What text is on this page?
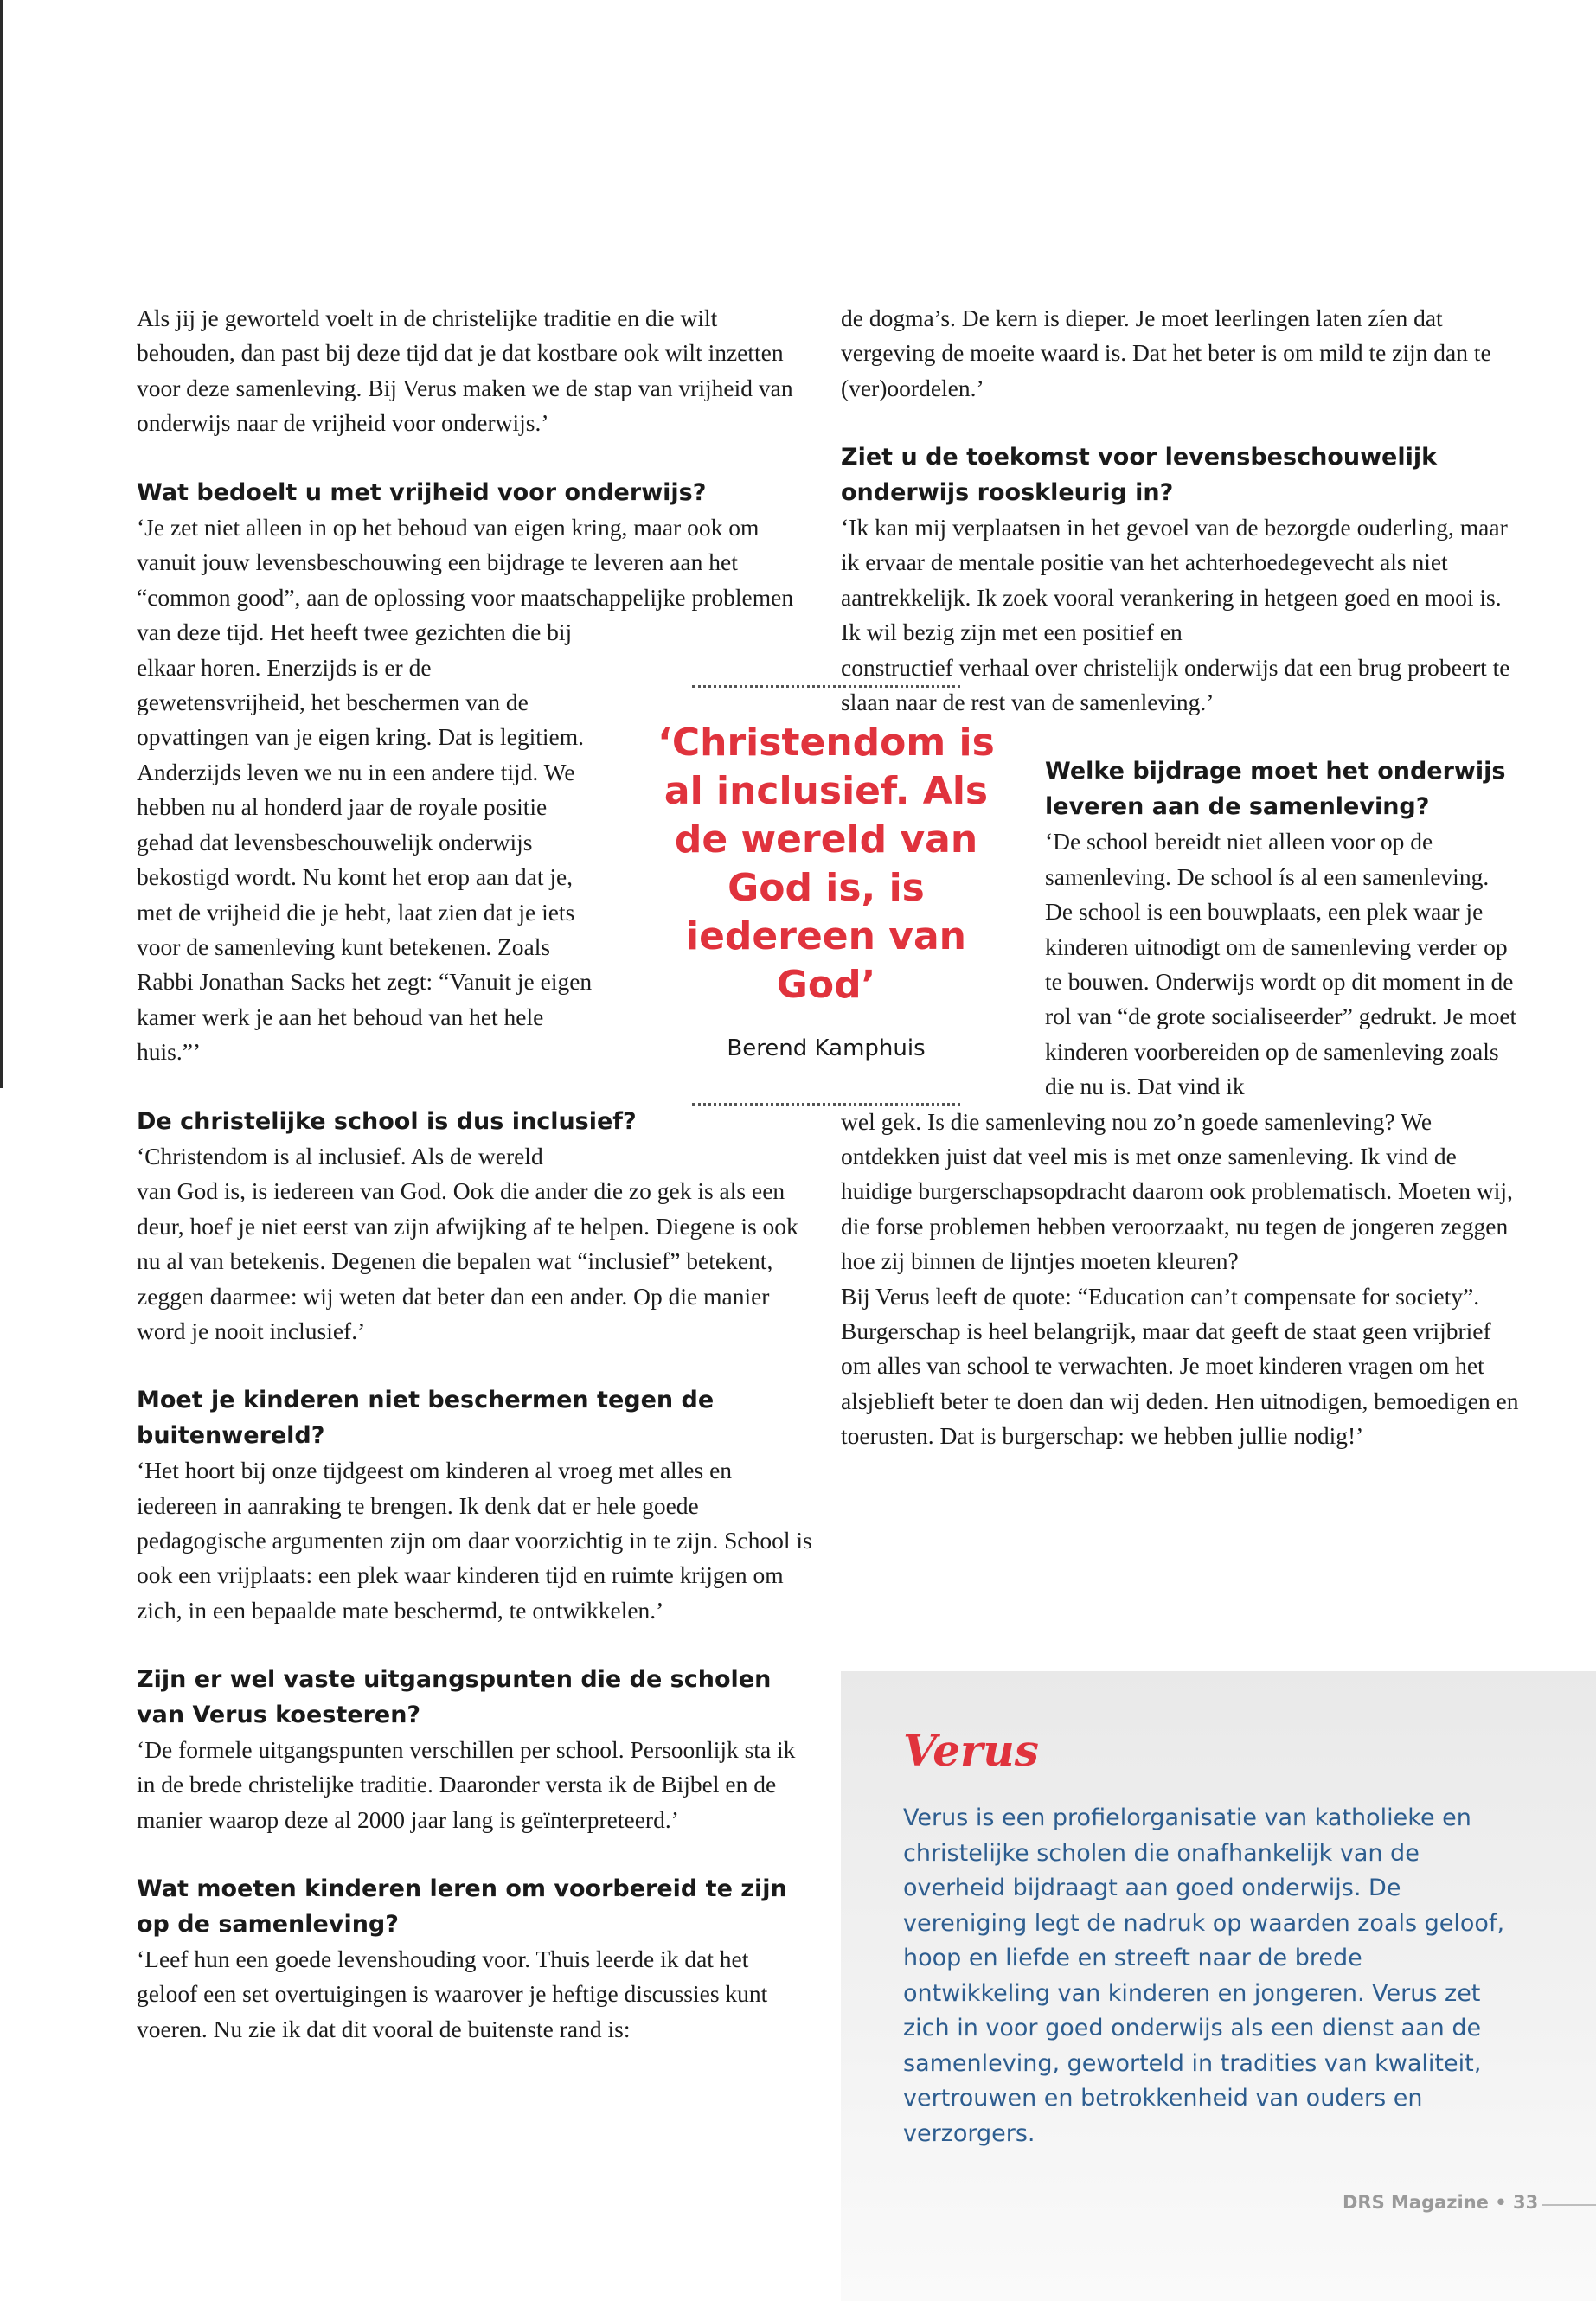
Als jij je geworteld voelt in de christelijke traditie en die wilt behouden, dan past bij deze tijd dat je dat kostbare ook wilt inzetten voor deze samenleving. Bij Verus maken we de stap van vrijheid van onderwijs naar de vrijheid voor onderwijs.’

Wat bedoelt u met vrijheid voor onderwijs?

‘Je zet niet alleen in op het behoud van eigen kring, maar ook om vanuit jouw levensbeschouwing een bijdrage te leveren aan het “common good”, aan de oplossing voor maatschappelijke problemen van deze tijd. Het heeft twee gezichten die bij

elkaar horen. Enerzijds is er de gewetensvrijheid, het beschermen van de opvattingen van je eigen kring. Dat is legitiem. Anderzijds leven we nu in een andere tijd. We hebben nu al honderd jaar de royale positie gehad dat levensbeschouwelijk onderwijs bekostigd wordt. Nu komt het erop aan dat je, met de vrijheid die je hebt, laat zien dat je iets voor de samenleving kunt betekenen. Zoals Rabbi Jonathan Sacks het zegt: “Vanuit je eigen kamer werk je aan het behoud van het hele huis.”’

De christelijke school is dus inclusief?

‘Christendom is al inclusief. Als de wereld

van God is, is iedereen van God. Ook die ander die zo gek is als een deur, hoef je niet eerst van zijn afwijking af te helpen. Diegene is ook nu al van betekenis. Degenen die bepalen wat “inclusief” betekent, zeggen daarmee: wij weten dat beter dan een ander. Op die manier word je nooit inclusief.’

Moet je kinderen niet beschermen tegen de buitenwereld?

‘Het hoort bij onze tijdgeest om kinderen al vroeg met alles en iedereen in aanraking te brengen. Ik denk dat er hele goede pedagogische argumenten zijn om daar voorzichtig in te zijn. School is ook een vrijplaats: een plek waar kinderen tijd en ruimte krijgen om zich, in een bepaalde mate beschermd, te ontwikkelen.’

Zijn er wel vaste uitgangspunten die de scholen van Verus koesteren?

‘De formele uitgangspunten verschillen per school. Persoonlijk sta ik in de brede christelijke traditie. Daaronder versta ik de Bijbel en de manier waarop deze al 2000 jaar lang is geïnterpreteerd.’

Wat moeten kinderen leren om voorbereid te zijn op de samenleving?

‘Leef hun een goede levenshouding voor. Thuis leerde ik dat het geloof een set overtuigingen is waarover je heftige discussies kunt voeren. Nu zie ik dat dit vooral de buitenste rand is:

de dogma’s. De kern is dieper. Je moet leerlingen laten zíen dat vergeving de moeite waard is. Dat het beter is om mild te zijn dan te (ver)oordelen.’

Ziet u de toekomst voor levensbeschouwelijk onderwijs rooskleurig in?

‘Ik kan mij verplaatsen in het gevoel van de bezorgde ouderling, maar ik ervaar de mentale positie van het achterhoedegevecht als niet aantrekkelijk. Ik zoek vooral verankering in hetgeen goed en mooi is. Ik wil bezig zijn met een positief en

constructief verhaal over christelijk onderwijs dat een brug probeert te slaan naar de rest van de samenleving.’

Welke bijdrage moet het onderwijs leveren aan de samenleving?

‘De school bereidt niet alleen voor op de samenleving. De school ís al een samenleving. De school is een bouwplaats, een plek waar je kinderen uitnodigt om de samenleving verder op te bouwen. Onderwijs wordt op dit moment in de rol van “de grote socialiseerder” gedrukt. Je moet kinderen voorbereiden op de samenleving zoals die nu is. Dat vind ik

wel gek. Is die samenleving nou zo’n goede samenleving? We ontdekken juist dat veel mis is met onze samenleving. Ik vind de huidige burgerschapsopdracht daarom ook problematisch. Moeten wij, die forse problemen hebben veroorzaakt, nu tegen de jongeren zeggen hoe zij binnen de lijntjes moeten kleuren?

Bij Verus leeft de quote: “Education can’t compensate for society”. Burgerschap is heel belangrijk, maar dat geeft de staat geen vrijbrief om alles van school te verwachten. Je moet kinderen vragen om het alsjeblieft beter te doen dan wij deden. Hen uitnodigen, bemoedigen en toerusten. Dat is burgerschap: we hebben jullie nodig!’

‘Christendom is al inclusief. Als de wereld van God is, is iedereen van God’
Berend Kamphuis
Verus

Verus is een profielorganisatie van katholieke en christelijke scholen die onafhankelijk van de overheid bijdraagt aan goed onderwijs. De vereniging legt de nadruk op waarden zoals geloof, hoop en liefde en streeft naar de brede ontwikkeling van kinderen en jongeren. Verus zet zich in voor goed onderwijs als een dienst aan de samenleving, geworteld in tradities van kwaliteit, vertrouwen en betrokkenheid van ouders en verzorgers.

DRS Magazine • 33
